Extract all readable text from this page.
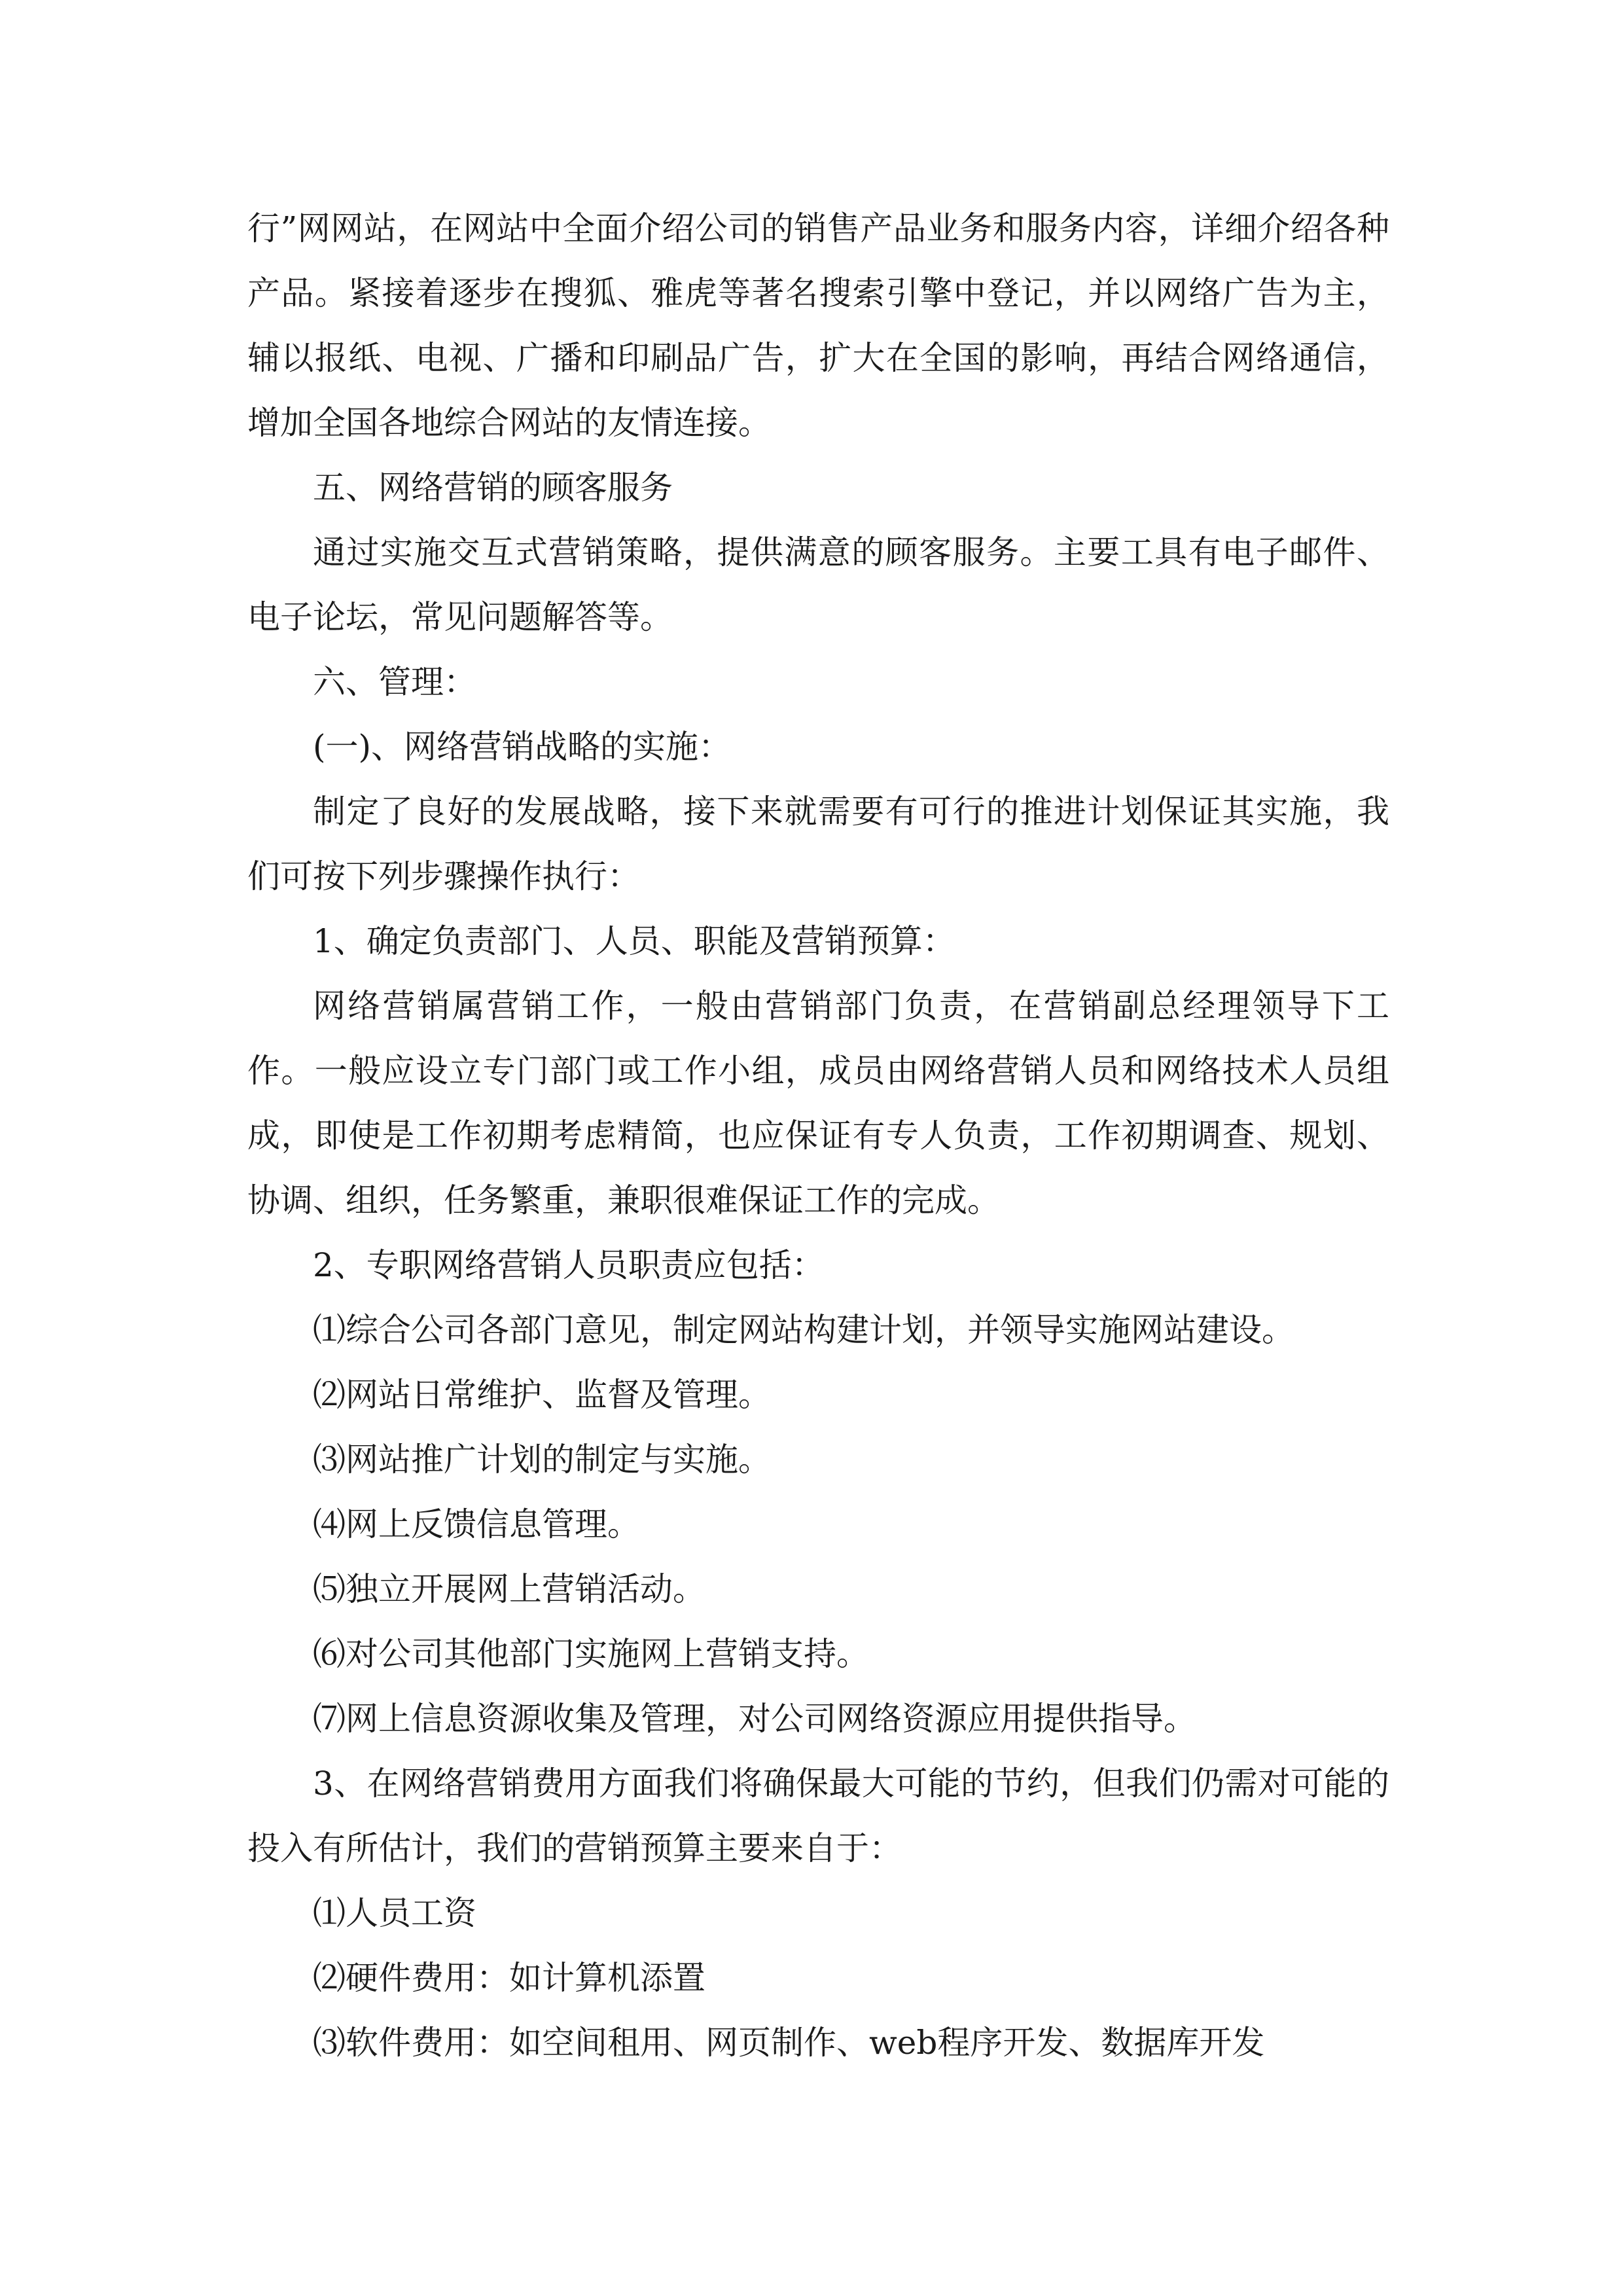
行”网网站，在网站中全面介绍公司的销售产品业务和服务内容，详细介绍各种产品。紧接着逐步在搜狐、雅虎等著名搜索引擎中登记，并以网络广告为主，辅以报纸、电视、广播和印刷品广告，扩大在全国的影响，再结合网络通信，增加全国各地综合网站的友情连接。

五、网络营销的顾客服务

通过实施交互式营销策略，提供满意的顾客服务。主要工具有电子邮件、电子论坛，常见问题解答等。

六、管理：

(一)、网络营销战略的实施：

制定了良好的发展战略，接下来就需要有可行的推进计划保证其实施，我们可按下列步骤操作执行：

1、确定负责部门、人员、职能及营销预算：

网络营销属营销工作，一般由营销部门负责，在营销副总经理领导下工作。一般应设立专门部门或工作小组，成员由网络营销人员和网络技术人员组成，即使是工作初期考虑精简，也应保证有专人负责，工作初期调查、规划、协调、组织，任务繁重，兼职很难保证工作的完成。

2、专职网络营销人员职责应包括：

⑴综合公司各部门意见，制定网站构建计划，并领导实施网站建设。

⑵网站日常维护、监督及管理。

⑶网站推广计划的制定与实施。

⑷网上反馈信息管理。

⑸独立开展网上营销活动。

⑹对公司其他部门实施网上营销支持。

⑺网上信息资源收集及管理，对公司网络资源应用提供指导。

3、在网络营销费用方面我们将确保最大可能的节约，但我们仍需对可能的投入有所估计，我们的营销预算主要来自于：

⑴人员工资

⑵硬件费用：如计算机添置

⑶软件费用：如空间租用、网页制作、web程序开发、数据库开发
